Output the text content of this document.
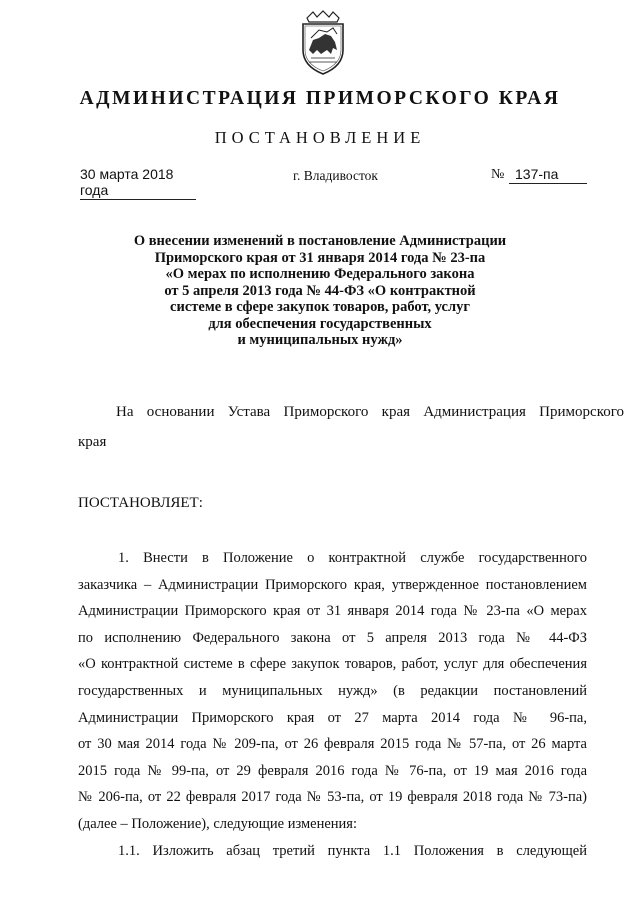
АДМИНИСТРАЦИЯ ПРИМОРСКОГО КРАЯ
ПОСТАНОВЛЕНИЕ
30 марта 2018 года
г. Владивосток	№ 137-па
О внесении изменений в постановление Администрации
Приморского края от 31 января 2014 года № 23-па
«О мерах по исполнению Федерального закона
от 5 апреля 2013 года № 44-ФЗ «О контрактной
системе в сфере закупок товаров, работ, услуг
для обеспечения государственных
и муниципальных нужд»
На основании Устава Приморского края Администрация Приморского
края
ПОСТАНОВЛЯЕТ:
1. Внести в Положение о контрактной службе государственного
заказчика – Администрации Приморского края, утвержденное постановлением
Администрации Приморского края от 31 января 2014 года № 23-па «О мерах
по исполнению Федерального закона от 5 апреля 2013 года № 44-ФЗ
«О контрактной системе в сфере закупок товаров, работ, услуг для обеспечения
государственных и муниципальных нужд» (в редакции постановлений
Администрации Приморского края от 27 марта 2014 года № 96-па,
от 30 мая 2014 года № 209-па, от 26 февраля 2015 года № 57-па, от 26 марта
2015 года № 99-па, от 29 февраля 2016 года № 76-па, от 19 мая 2016 года
№ 206-па, от 22 февраля 2017 года № 53-па, от 19 февраля 2018 года № 73-па)
(далее – Положение), следующие изменения:
1.1. Изложить абзац третий пункта 1.1 Положения в следующей
